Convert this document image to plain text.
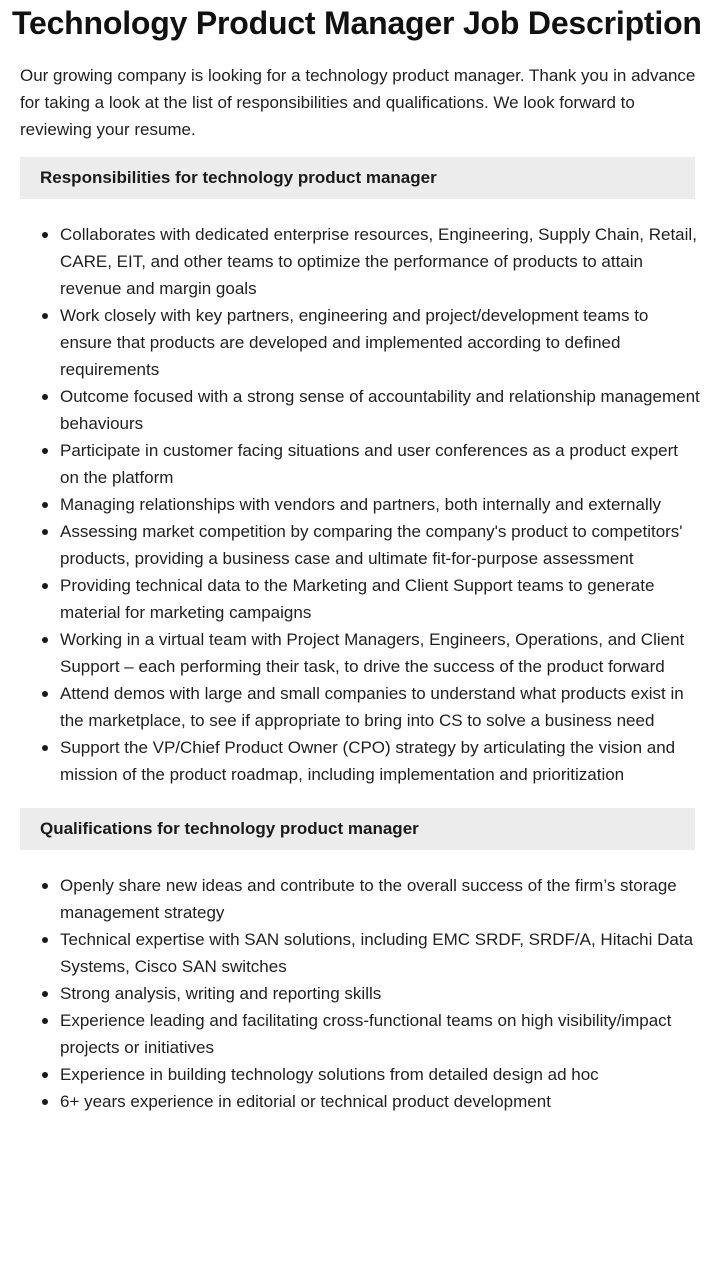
Technology Product Manager Job Description

Our growing company is looking for a technology product manager. Thank you in advance for taking a look at the list of responsibilities and qualifications. We look forward to reviewing your resume.

Responsibilities for technology product manager
Collaborates with dedicated enterprise resources, Engineering, Supply Chain, Retail, CARE, EIT, and other teams to optimize the performance of products to attain revenue and margin goals
Work closely with key partners, engineering and project/development teams to ensure that products are developed and implemented according to defined requirements
Outcome focused with a strong sense of accountability and relationship management behaviours
Participate in customer facing situations and user conferences as a product expert on the platform
Managing relationships with vendors and partners, both internally and externally
Assessing market competition by comparing the company's product to competitors' products, providing a business case and ultimate fit-for-purpose assessment
Providing technical data to the Marketing and Client Support teams to generate material for marketing campaigns
Working in a virtual team with Project Managers, Engineers, Operations, and Client Support – each performing their task, to drive the success of the product forward
Attend demos with large and small companies to understand what products exist in the marketplace, to see if appropriate to bring into CS to solve a business need
Support the VP/Chief Product Owner (CPO) strategy by articulating the vision and mission of the product roadmap, including implementation and prioritization
Qualifications for technology product manager
Openly share new ideas and contribute to the overall success of the firm’s storage management strategy
Technical expertise with SAN solutions, including EMC SRDF, SRDF/A, Hitachi Data Systems, Cisco SAN switches
Strong analysis, writing and reporting skills
Experience leading and facilitating cross-functional teams on high visibility/impact projects or initiatives
Experience in building technology solutions from detailed design ad hoc
6+ years experience in editorial or technical product development
